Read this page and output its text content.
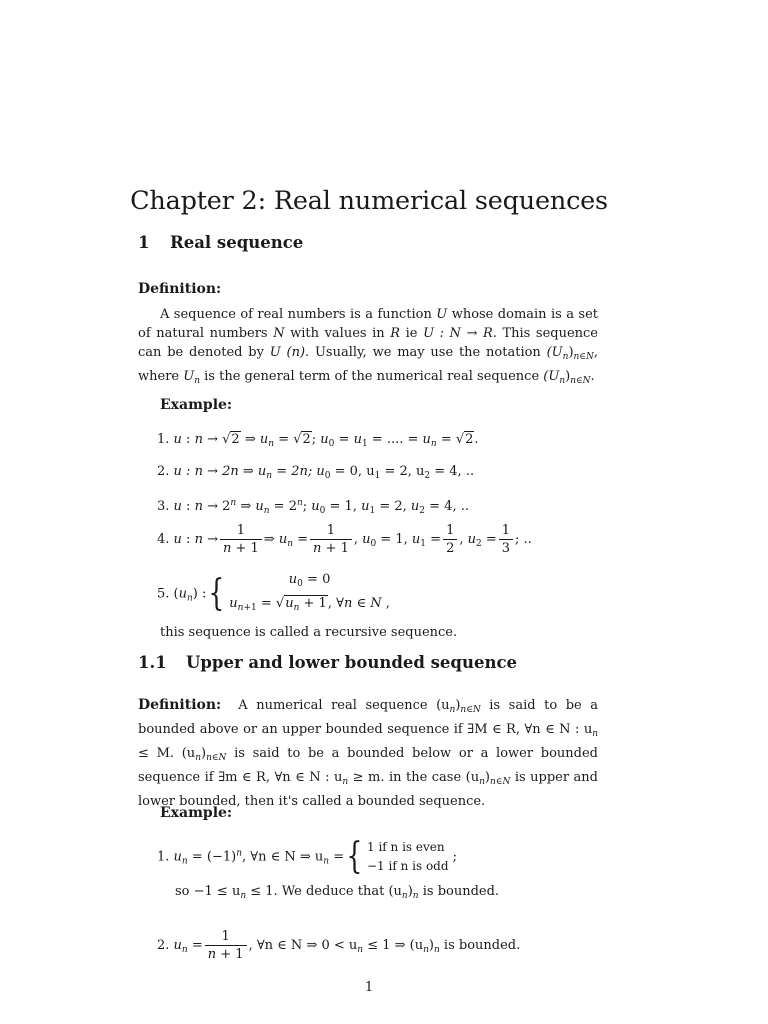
Chapter 2: Real numerical sequences
1 Real sequence
Definition:
A sequence of real numbers is a function U whose domain is a set of natural numbers N with values in R ie U : N → R. This sequence can be denoted by U (n). Usually, we may use the notation $(U_n)_{n\in N}$, where $U_n$ is the general term of the numerical real sequence $(U_n)_{n\in N}$.
Example:
1. u : n → √2 ⇒ $u_n = √2$; $u_0 = u_1$ = .... = $u_n = √2$.
2. u : n → 2n ⇒ $u_n = 2n$; $u_0 = 0$, $u_1 = 2$, $u_2 = 4$, ..
3. u : $n \to 2^n$ ⇒ $u_n = 2^n$; $u_0 = 1$, $u_1 = 2$, $u_2 = 4$, ..
4. u : $n \to \frac{1}{n + 1}$ ⇒ $u_n = \frac{1}{n + 1}$ , $u_0 = 1$, $u_1 = \frac{1}{2}$ , $u_2 = \frac{1}{3}$ ; ..
5. $(u_n)$ :{	$u_0 = 0$
$u_{n+1} = √u_n + 1$, ∀n ∈ N ,
this sequence is called a recursive sequence.
1.1 Upper and lower bounded sequence
Definition: A numerical real sequence $(u_n)_{n\in N}$ is said to be a bounded above or an upper bounded sequence if ∃M ∈ R, ∀n ∈ N : $u_n \le M$. $(u_n)_{n\in N}$ is said to be a bounded below or a lower bounded sequence if ∃m ∈ R, ∀n ∈ N : $u_n \ge m$. in the case $(u_n)_{n\in N}$ is upper and lower bounded, then it's called a bounded sequence.
Example:
1. $u_n = (-1)^n$, ∀n ∈ N ⇒ $u_n$ ={ 1 if n is even
−1 if n is odd
;
so $-1 \le u_n \le 1$. We deduce that $(u_n)_n$ is bounded.
2. $u_n = \frac{1}{n + 1}$ , ∀n ∈ N ⇒ $0 < u_n \le 1$ ⇒ $(u_n)_n$ is bounded.
1
